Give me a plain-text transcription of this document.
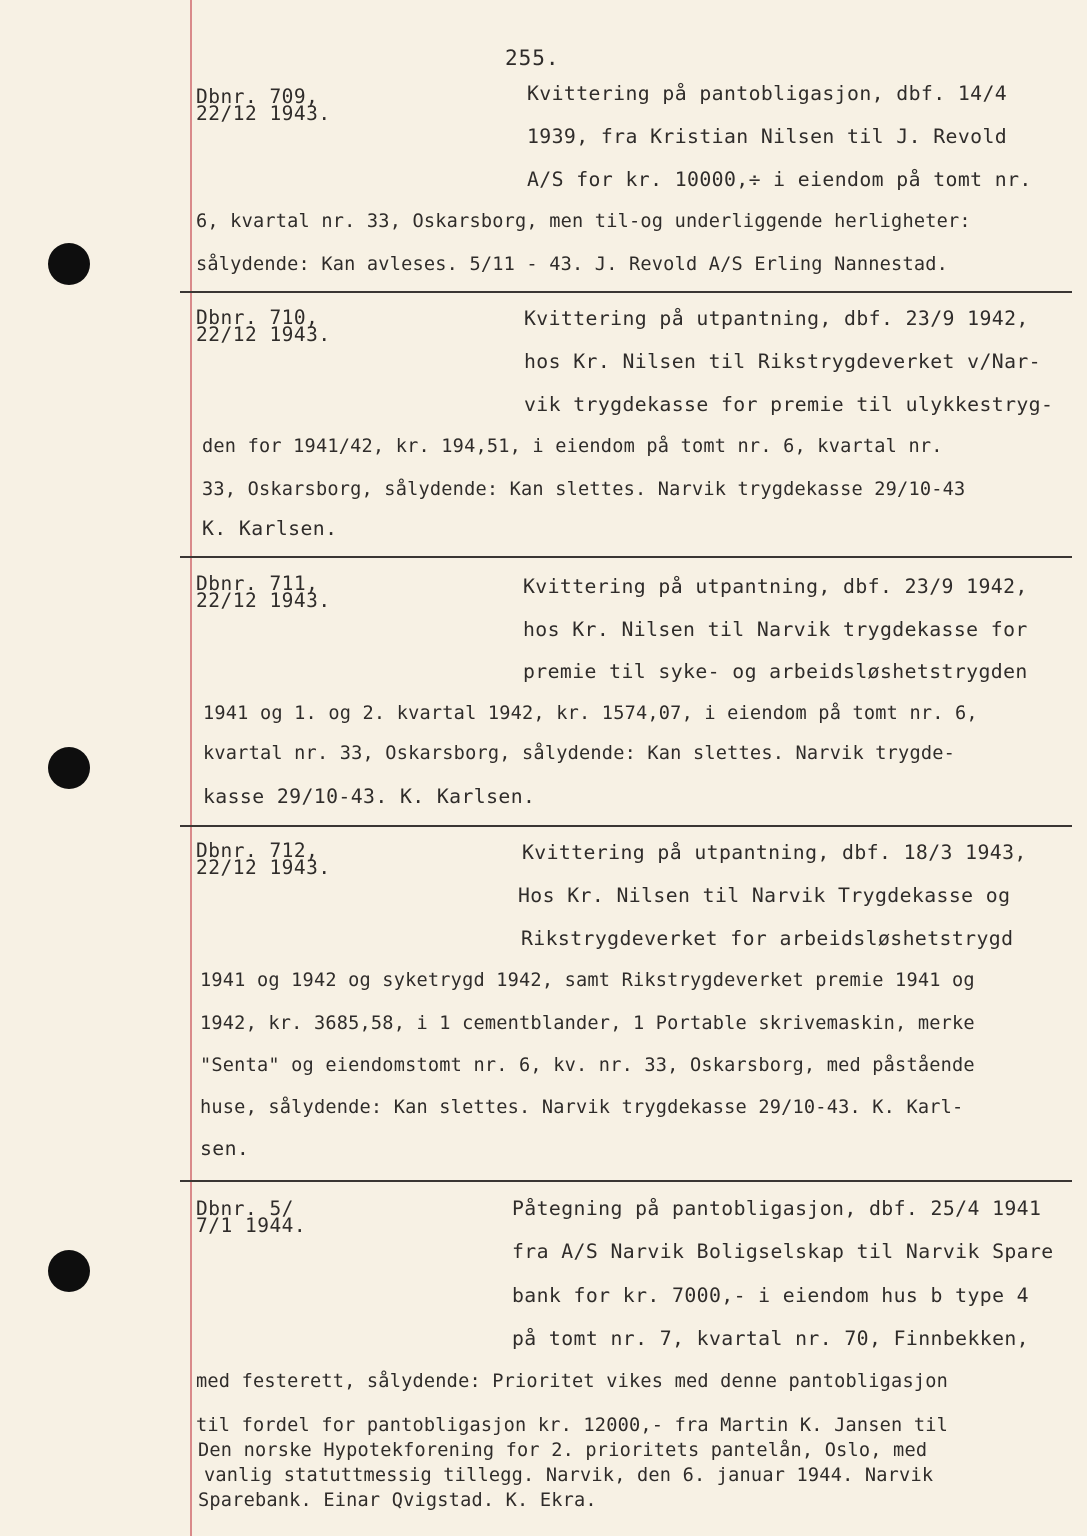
255.
Dbnr. 709,
22/12 1943.
Kvittering på pantobligasjon, dbf. 14/4
1939, fra Kristian Nilsen til J. Revold
A/S for kr. 10000,÷ i eiendom på tomt nr.
6, kvartal nr. 33, Oskarsborg, men til-og underliggende herligheter:
sålydende: Kan avleses. 5/11 - 43. J. Revold A/S Erling Nannestad.
Dbnr. 710,
22/12 1943.
Kvittering på utpantning, dbf. 23/9 1942,
hos Kr. Nilsen til Rikstrygdeverket v/Nar-
vik trygdekasse for premie til ulykkestryg-
den for 1941/42, kr. 194,51, i eiendom på tomt nr. 6, kvartal nr.
33, Oskarsborg, sålydende: Kan slettes. Narvik trygdekasse 29/10-43
K. Karlsen.
Dbnr. 711,
22/12 1943.
Kvittering på utpantning, dbf. 23/9 1942,
hos Kr. Nilsen til Narvik trygdekasse for
premie til syke- og arbeidsløshetstrygden
1941 og 1. og 2. kvartal 1942, kr. 1574,07, i eiendom på tomt nr. 6,
kvartal nr. 33, Oskarsborg, sålydende: Kan slettes. Narvik trygde-
kasse 29/10-43. K. Karlsen.
Dbnr. 712,
22/12 1943.
Kvittering på utpantning, dbf. 18/3 1943,
Hos Kr. Nilsen til Narvik Trygdekasse og
Rikstrygdeverket for arbeidsløshetstrygd
1941 og 1942 og syketrygd 1942, samt Rikstrygdeverket premie 1941 og
1942, kr. 3685,58, i 1 cementblander, 1 Portable skrivemaskin, merke
"Senta" og eiendomstomt nr. 6, kv. nr. 33, Oskarsborg, med påstående
huse, sålydende: Kan slettes. Narvik trygdekasse 29/10-43. K. Karl-
sen.
Dbnr. 5/
7/1 1944.
Påtegning på pantobligasjon, dbf. 25/4 1941
fra A/S Narvik Boligselskap til Narvik Spare
bank for kr. 7000,- i eiendom hus b type 4
på tomt nr. 7, kvartal nr. 70, Finnbekken,
med festerett, sålydende: Prioritet vikes med denne pantobligasjon
til fordel for pantobligasjon kr. 12000,- fra Martin K. Jansen til
Den norske Hypotekforening for 2. prioritets pantelån, Oslo, med
vanlig statuttmessig tillegg. Narvik, den 6. januar 1944. Narvik
Sparebank. Einar Qvigstad. K. Ekra.
